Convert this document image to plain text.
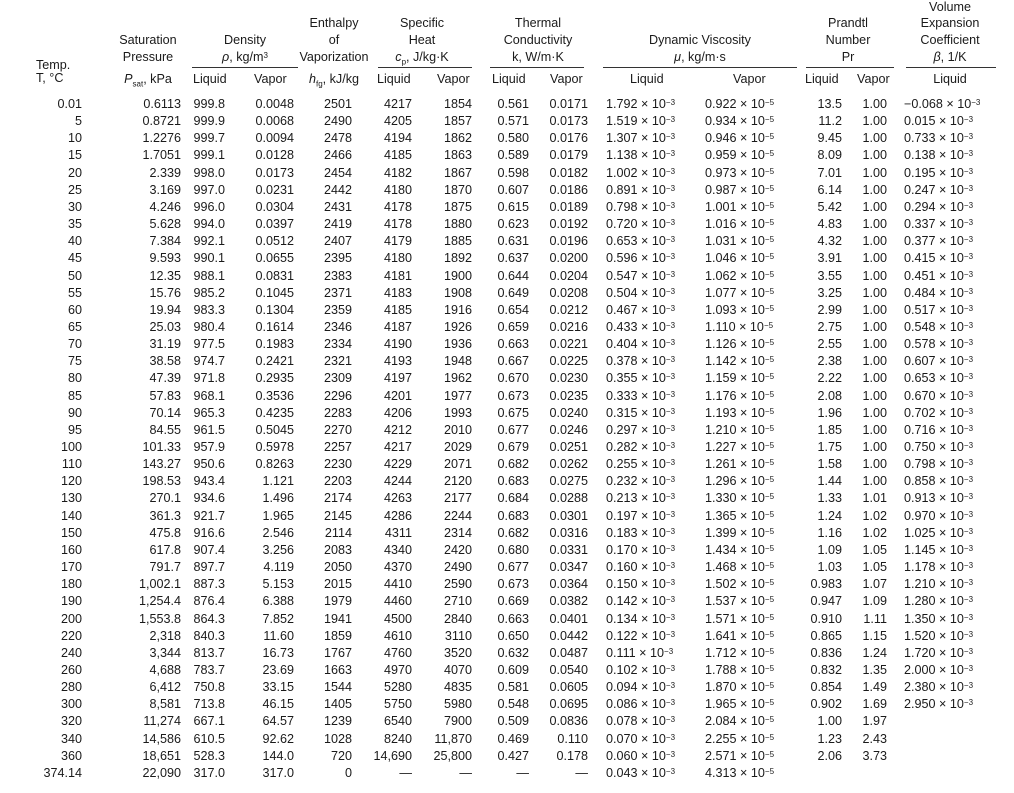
Temp.
T, °C
Saturation
Pressure
$P_{sat}$, kPa
Density
ρ, $kg/m^3$
Liquid Vapor
Enthalpy
of
Vaporization
$h_{fg}$, kJ/kg
Specific
Heat
$c_p$, J/kg·K
Liquid Vapor
Thermal
Conductivity
k, W/m·K
Liquid Vapor
Dynamic Viscosity
μ, kg/m·s
Liquid	Vapor
Prandtl
Number
Pr
Liquid Vapor
Volume
Expansion
Coefficient
β, 1/K
Liquid
0.01	0.6113 999.8 0.0048 2501	4217	1854 0.561 0.0171 $1.792 \times 10^{-3}$ $0.922 \times 10^{-5}$	13.5 $1.00 -0.068 \times 10^{-3}$
5	0.8721 999.9 0.0068 2490	4205	1857 0.571 0.0173 $1.519 \times 10^{-3}$ $0.934 \times 10^{-5}$	11.2 1.00 $0.015 \times 10^{-3}$
10	1.2276 999.7 0.0094 2478	4194	1862 0.580 0.0176 $1.307 \times 10^{-3}$ $0.946 \times 10^{-5}$	9.45 1.00 $0.733 \times 10^{-3}$
15	1.7051 999.1 0.0128 2466	4185	1863 0.589 0.0179 $1.138 \times 10^{-3}$ $0.959 \times 10^{-5}$	8.09 1.00 $0.138 \times 10^{-3}$
20	2.339 998.0 0.0173 2454	4182	1867 0.598 0.0182 $1.002 \times 10^{-3}$ $0.973 \times 10^{-5}$	7.01 1.00 $0.195 \times 10^{-3}$
25	3.169 997.0 0.0231 2442	4180	1870 0.607 0.0186 $0.891 \times 10^{-3}$ $0.987 \times 10^{-5}$	6.14 1.00 $0.247 \times 10^{-3}$
30	4.246 996.0 0.0304 2431	4178	1875 0.615 0.0189 $0.798 \times 10^{-3}$ $1.001 \times 10^{-5}$	5.42 1.00 $0.294 \times 10^{-3}$
35	5.628 994.0 0.0397 2419	4178	1880 0.623 0.0192 $0.720 \times 10^{-3}$ $1.016 \times 10^{-5}$	4.83 1.00 $0.337 \times 10^{-3}$
40	7.384 992.1 0.0512 2407	4179	1885 0.631 0.0196 $0.653 \times 10^{-3}$ $1.031 \times 10^{-5}$	4.32 1.00 $0.377 \times 10^{-3}$
45	9.593 990.1 0.0655 2395	4180	1892 0.637 0.0200 $0.596 \times 10^{-3}$ $1.046 \times 10^{-5}$	3.91 1.00 $0.415 \times 10^{-3}$
50	12.35 988.1 0.0831 2383	4181	1900 0.644 0.0204 $0.547 \times 10^{-3}$ $1.062 \times 10^{-5}$	3.55 1.00 $0.451 \times 10^{-3}$
55	15.76 985.2 0.1045 2371	4183	1908 0.649 0.0208 $0.504 \times 10^{-3}$ $1.077 \times 10^{-5}$	3.25 1.00 $0.484 \times 10^{-3}$
60	19.94 983.3 0.1304 2359	4185	1916 0.654 0.0212 $0.467 \times 10^{-3}$ $1.093 \times 10^{-5}$	2.99 1.00 $0.517 \times 10^{-3}$
65	25.03 980.4 0.1614 2346	4187	1926 0.659 0.0216 $0.433 \times 10^{-3}$ $1.110 \times 10^{-5}$	2.75 1.00 $0.548 \times 10^{-3}$
70	31.19 977.5 0.1983 2334	4190	1936 0.663 0.0221 $0.404 \times 10^{-3}$ $1.126 \times 10^{-5}$	2.55 1.00 $0.578 \times 10^{-3}$
75	38.58 974.7 0.2421 2321	4193	1948 0.667 0.0225 $0.378 \times 10^{-3}$ $1.142 \times 10^{-5}$	2.38 1.00 $0.607 \times 10^{-3}$
80	47.39 971.8 0.2935 2309	4197	1962 0.670 0.0230 $0.355 \times 10^{-3}$ $1.159 \times 10^{-5}$	2.22 1.00 $0.653 \times 10^{-3}$
85	57.83 968.1 0.3536 2296	4201	1977 0.673 0.0235 $0.333 \times 10^{-3}$ $1.176 \times 10^{-5}$	2.08 1.00 $0.670 \times 10^{-3}$
90	70.14 965.3 0.4235 2283	4206	1993 0.675 0.0240 $0.315 \times 10^{-3}$ $1.193 \times 10^{-5}$	1.96 1.00 $0.702 \times 10^{-3}$
95	84.55 961.5 0.5045 2270	4212	2010 0.677 0.0246 $0.297 \times 10^{-3}$ $1.210 \times 10^{-5}$	1.85 1.00 $0.716 \times 10^{-3}$
100	101.33 957.9 0.5978 2257	4217	2029 0.679 0.0251 $0.282 \times 10^{-3}$ $1.227 \times 10^{-5}$	1.75 1.00 $0.750 \times 10^{-3}$
110	143.27 950.6 0.8263 2230	4229	2071 0.682 0.0262 $0.255 \times 10^{-3}$ $1.261 \times 10^{-5}$	1.58 1.00 $0.798 \times 10^{-3}$
120	198.53 943.4	1.121 2203	4244	2120 0.683 0.0275 $0.232 \times 10^{-3}$ $1.296 \times 10^{-5}$	1.44 1.00 $0.858 \times 10^{-3}$
130	270.1 934.6	1.496 2174	4263	2177 0.684 0.0288 $0.213 \times 10^{-3}$ $1.330 \times 10^{-5}$	1.33 1.01 $0.913 \times 10^{-3}$
140	361.3 921.7	1.965 2145	4286	2244 0.683 0.0301 $0.197 \times 10^{-3}$ $1.365 \times 10^{-5}$	1.24 1.02 $0.970 \times 10^{-3}$
150	475.8 916.6	2.546 2114	4311	2314 0.682 0.0316 $0.183 \times 10^{-3}$ $1.399 \times 10^{-5}$	1.16 1.02 $1.025 \times 10^{-3}$
160	617.8 907.4	3.256 2083	4340	2420 0.680 0.0331 $0.170 \times 10^{-3}$ $1.434 \times 10^{-5}$	1.09 1.05 $1.145 \times 10^{-3}$
170	791.7 897.7	4.119 2050	4370	2490 0.677 0.0347 $0.160 \times 10^{-3}$ $1.468 \times 10^{-5}$	1.03 1.05 $1.178 \times 10^{-3}$
180	1,002.1 887.3	5.153 2015	4410	2590 0.673 0.0364 $0.150 \times 10^{-3}$ $1.502 \times 10^{-5}$	0.983 1.07 $1.210 \times 10^{-3}$
190	1,254.4 876.4	6.388 1979	4460	2710 0.669 0.0382 $0.142 \times 10^{-3}$ $1.537 \times 10^{-5}$	0.947 1.09 $1.280 \times 10^{-3}$
200	1,553.8 864.3	7.852 1941	4500	2840 0.663 0.0401 $0.134 \times 10^{-3}$ $1.571 \times 10^{-5}$	0.910 1.11 $1.350 \times 10^{-3}$
220	2,318 840.3	11.60 1859	4610	3110 0.650 0.0442 $0.122 \times 10^{-3}$ $1.641 \times 10^{-5}$	0.865 1.15 $1.520 \times 10^{-3}$
240	3,344 813.7	16.73 1767	4760	3520 0.632 0.0487 $0.111 \times 10^{-3}$	$1.712 \times 10^{-5}$	0.836 1.24 $1.720 \times 10^{-3}$
260	4,688 783.7	23.69 1663	4970	4070 0.609 0.0540 $0.102 \times 10^{-3}$ $1.788 \times 10^{-5}$	0.832 1.35 $2.000 \times 10^{-3}$
280	6,412 750.8	33.15 1544	5280	4835 0.581 0.0605 $0.094 \times 10^{-3}$ $1.870 \times 10^{-5}$	0.854 1.49 $2.380 \times 10^{-3}$
300	8,581 713.8	46.15 1405	5750	5980 0.548 0.0695 $0.086 \times 10^{-3}$ $1.965 \times 10^{-5}$	0.902 1.69 $2.950 \times 10^{-3}$
320	11,274 667.1	64.57 1239	6540	7900 0.509 0.0836 $0.078 \times 10^{-3}$ $2.084 \times 10^{-5}$	1.00 1.97
340	14,586 610.5	92.62 1028	8240 11,870 0.469 0.110 $0.070 \times 10^{-3}$ $2.255 \times 10^{-5}$	1.23 2.43
360	18,651 528.3	144.0	720 14,690 25,800 0.427 0.178 $0.060 \times 10^{-3}$ $2.571 \times 10^{-5}$	2.06 3.73
374.14	22,090 317.0	317.0	0	—	—	—	— $0.043 \times 10^{-3}$ $4.313 \times 10^{-5}$
